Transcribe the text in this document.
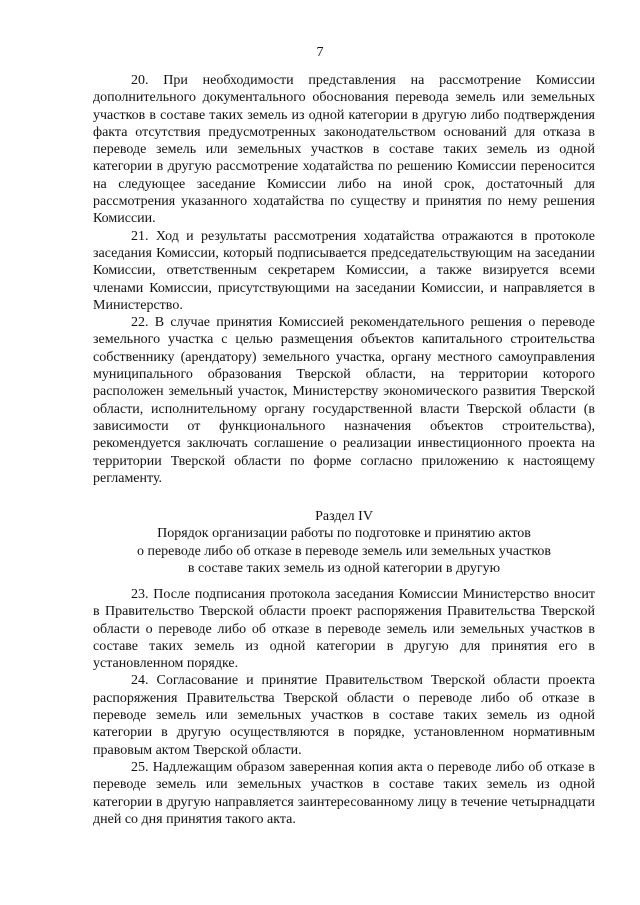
7

20. При необходимости представления на рассмотрение Комиссии дополнительного документального обоснования перевода земель или земельных участков в составе таких земель из одной категории в другую либо подтверждения факта отсутствия предусмотренных законодательством оснований для отказа в переводе земель или земельных участков в составе таких земель из одной категории в другую рассмотрение ходатайства по решению Комиссии переносится на следующее заседание Комиссии либо на иной срок, достаточный для рассмотрения указанного ходатайства по существу и принятия по нему решения Комиссии.

21. Ход и результаты рассмотрения ходатайства отражаются в протоколе заседания Комиссии, который подписывается председательствующим на заседании Комиссии, ответственным секретарем Комиссии, а также визируется всеми членами Комиссии, присутствующими на заседании Комиссии, и направляется в Министерство.

22. В случае принятия Комиссией рекомендательного решения о переводе земельного участка с целью размещения объектов капитального строительства собственнику (арендатору) земельного участка, органу местного самоуправления муниципального образования Тверской области, на территории которого расположен земельный участок, Министерству экономического развития Тверской области, исполнительному органу государственной власти Тверской области (в зависимости от функционального назначения объектов строительства), рекомендуется заключать соглашение о реализации инвестиционного проекта на территории Тверской области по форме согласно приложению к настоящему регламенту.

Раздел IV
Порядок организации работы по подготовке и принятию актов
о переводе либо об отказе в переводе земель или земельных участков
в составе таких земель из одной категории в другую

23. После подписания протокола заседания Комиссии Министерство вносит в Правительство Тверской области проект распоряжения Правительства Тверской области о переводе либо об отказе в переводе земель или земельных участков в составе таких земель из одной категории в другую для принятия его в установленном порядке.

24. Согласование и принятие Правительством Тверской области проекта распоряжения Правительства Тверской области о переводе либо об отказе в переводе земель или земельных участков в составе таких земель из одной категории в другую осуществляются в порядке, установленном нормативным правовым актом Тверской области.

25. Надлежащим образом заверенная копия акта о переводе либо об отказе в переводе земель или земельных участков в составе таких земель из одной категории в другую направляется заинтересованному лицу в течение четырнадцати дней со дня принятия такого акта.
